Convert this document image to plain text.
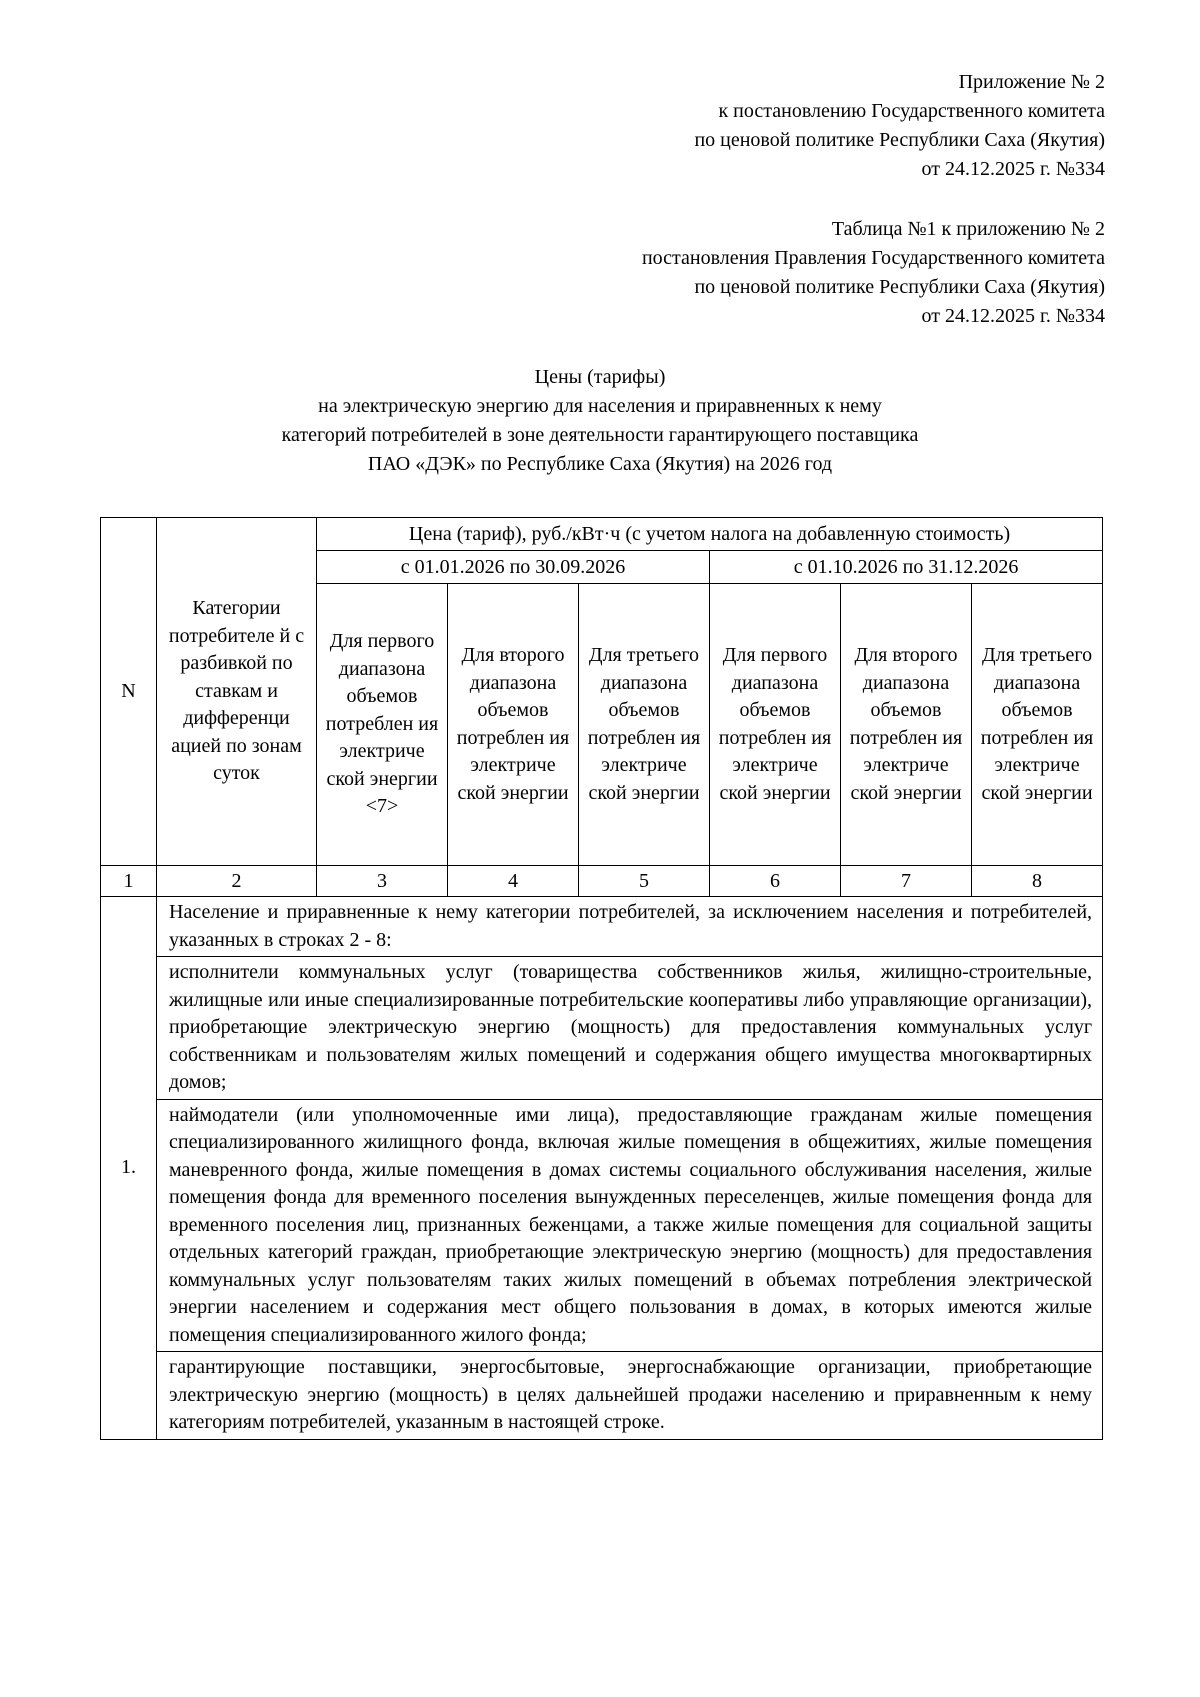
Приложение № 2
к постановлению Государственного комитета
по ценовой политике Республики Саха (Якутия)
от 24.12.2025 г. №334
Таблица №1 к приложению № 2
постановления Правления Государственного комитета
по ценовой политике Республики Саха (Якутия)
от 24.12.2025 г. №334
Цены (тарифы)
на электрическую энергию для населения и приравненных к нему
категорий потребителей в зоне деятельности гарантирующего поставщика
ПАО «ДЭК» по Республике Саха (Якутия) на 2026 год
N	Категории потребителе й с разбивкой по ставкам и дифференци ацией по зонам суток	Цена (тариф), руб./кВт·ч (с учетом налога на добавленную стоимость)					
		с 01.01.2026 по 30.09.2026			с 01.10.2026 по 31.12.2026		
		Для первого диапазона объемов потреблен ия электриче ской энергии <7>	Для второго диапазона объемов потреблен ия электриче ской энергии	Для третьего диапазона объемов потреблен ия электриче ской энергии	Для первого диапазона объемов потреблен ия электриче ской энергии	Для второго диапазона объемов потреблен ия электриче ской энергии	Для третьего диапазона объемов потреблен ия электриче ской энергии
1	2	3	4	5	6	7	8
1.	Население и приравненные к нему категории потребителей, за исключением населения и потребителей, указанных в строках 2 - 8:						
	исполнители коммунальных услуг (товарищества собственников жилья, жилищно-строительные, жилищные или иные специализированные потребительские кооперативы либо управляющие организации), приобретающие электрическую энергию (мощность) для предоставления коммунальных услуг собственникам и пользователям жилых помещений и содержания общего имущества многоквартирных домов;						
	наймодатели (или уполномоченные ими лица), предоставляющие гражданам жилые помещения специализированного жилищного фонда, включая жилые помещения в общежитиях, жилые помещения маневренного фонда, жилые помещения в домах системы социального обслуживания населения, жилые помещения фонда для временного поселения вынужденных переселенцев, жилые помещения фонда для временного поселения лиц, признанных беженцами, а также жилые помещения для социальной защиты отдельных категорий граждан, приобретающие электрическую энергию (мощность) для предоставления коммунальных услуг пользователям таких жилых помещений в объемах потребления электрической энергии населением и содержания мест общего пользования в домах, в которых имеются жилые помещения специализированного жилого фонда;						
	гарантирующие поставщики, энергосбытовые, энергоснабжающие организации, приобретающие электрическую энергию (мощность) в целях дальнейшей продажи населению и приравненным к нему категориям потребителей, указанным в настоящей строке.						
